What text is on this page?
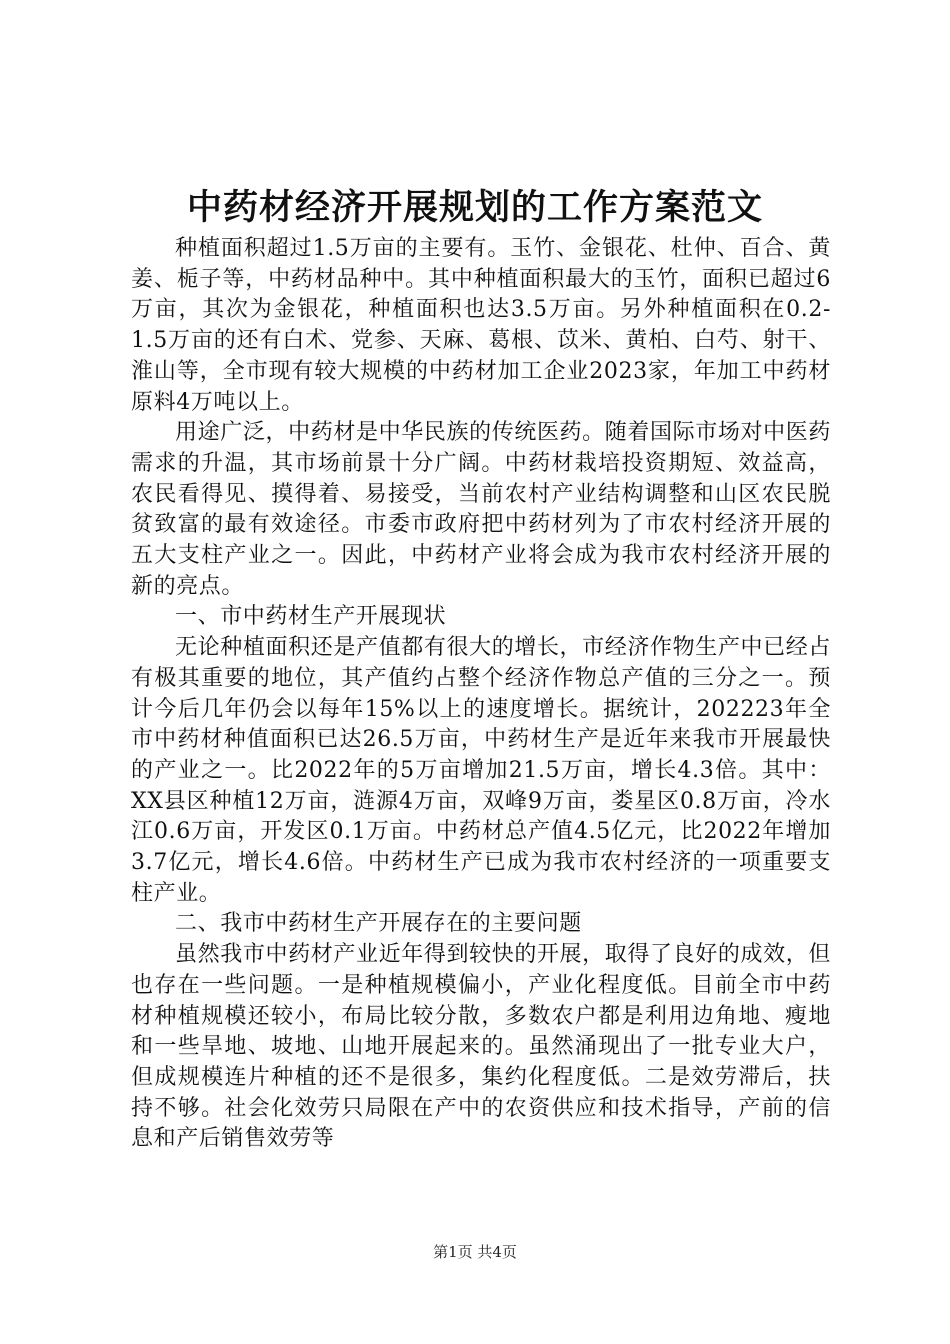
中药材经济开展规划的工作方案范文

种植面积超过1.5万亩的主要有。玉竹、金银花、杜仲、百合、黄姜、栀子等，中药材品种中。其中种植面积最大的玉竹，面积已超过6万亩，其次为金银花，种植面积也达3.5万亩。另外种植面积在0.2-1.5万亩的还有白术、党参、天麻、葛根、苡米、黄柏、白芍、射干、淮山等，全市现有较大规模的中药材加工企业2023家，年加工中药材原料4万吨以上。

用途广泛，中药材是中华民族的传统医药。随着国际市场对中医药需求的升温，其市场前景十分广阔。中药材栽培投资期短、效益高，农民看得见、摸得着、易接受，当前农村产业结构调整和山区农民脱贫致富的最有效途径。市委市政府把中药材列为了市农村经济开展的五大支柱产业之一。因此，中药材产业将会成为我市农村经济开展的新的亮点。

一、市中药材生产开展现状

无论种植面积还是产值都有很大的增长，市经济作物生产中已经占有极其重要的地位，其产值约占整个经济作物总产值的三分之一。预计今后几年仍会以每年15%以上的速度增长。据统计，202223年全市中药材种值面积已达26.5万亩，中药材生产是近年来我市开展最快的产业之一。比2022年的5万亩增加21.5万亩，增长4.3倍。其中：XX县区种植12万亩，涟源4万亩，双峰9万亩，娄星区0.8万亩，冷水江0.6万亩，开发区0.1万亩。中药材总产值4.5亿元，比2022年增加3.7亿元，增长4.6倍。中药材生产已成为我市农村经济的一项重要支柱产业。

二、我市中药材生产开展存在的主要问题

虽然我市中药材产业近年得到较快的开展，取得了良好的成效，但也存在一些问题。一是种植规模偏小，产业化程度低。目前全市中药材种植规模还较小，布局比较分散，多数农户都是利用边角地、瘦地和一些旱地、坡地、山地开展起来的。虽然涌现出了一批专业大户，但成规模连片种植的还不是很多，集约化程度低。二是效劳滞后，扶持不够。社会化效劳只局限在产中的农资供应和技术指导，产前的信息和产后销售效劳等

第1页 共4页
